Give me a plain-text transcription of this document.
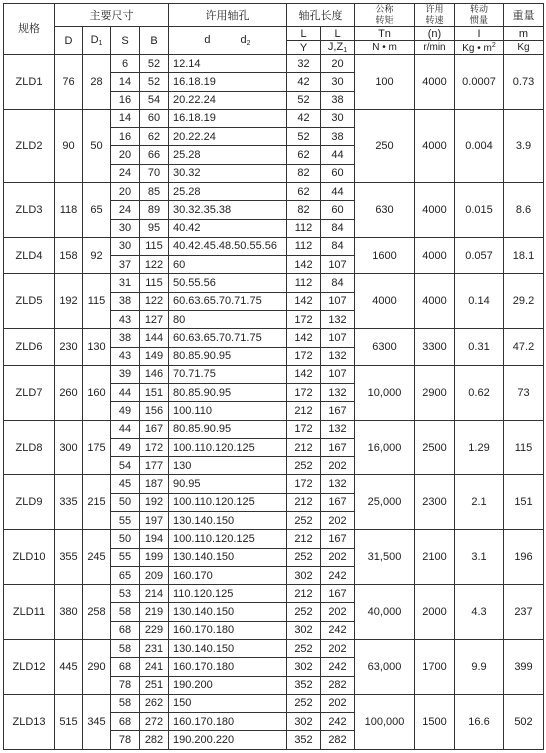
规格	主要尺寸				许用轴孔	轴孔长度		公称转矩	许用转速	转动惯量	重量
	D	$D_1$	S	B	d $d_2$	L	L	Tn	(n)	I	m
						Y	$J,Z_1$	N • m	r/min	Kg • $m^2$	Kg
ZLD1	76	28	6	52	12.14	32	20	100	4000	0.0007	0.73
			14	52	16.18.19	42	30				
			16	54	20.22.24	52	38				
ZLD2	90	50	14	60	16.18.19	42	30	250	4000	0.004	3.9
			16	62	20.22.24	52	38				
			20	66	25.28	62	44				
			24	70	30.32	82	60				
ZLD3	118	65	20	85	25.28	62	44	630	4000	0.015	8.6
			24	89	30.32.35.38	82	60				
			30	95	40.42	112	84				
ZLD4	158	92	30	115	40.42.45.48.50.55.56	112	84	1600	4000	0.057	18.1
			37	122	60	142	107				
ZLD5	192	115	31	115	50.55.56	112	84	4000	4000	0.14	29.2
			38	122	60.63.65.70.71.75	142	107				
			43	127	80	172	132				
ZLD6	230	130	38	144	60.63.65.70.71.75	142	107	6300	3300	0.31	47.2
			43	149	80.85.90.95	172	132				
ZLD7	260	160	39	146	70.71.75	142	107	10,000	2900	0.62	73
			44	151	80.85.90.95	172	132				
			49	156	100.110	212	167				
ZLD8	300	175	44	167	80.85.90.95	172	132	16,000	2500	1.29	115
			49	172	100.110.120.125	212	167				
			54	177	130	252	202				
ZLD9	335	215	45	187	90.95	172	132	25,000	2300	2.1	151
			50	192	100.110.120.125	212	167				
			55	197	130.140.150	252	202				
ZLD10	355	245	50	194	100.110.120.125	212	167	31,500	2100	3.1	196
			55	199	130.140.150	252	202				
			65	209	160.170	302	242				
ZLD11	380	258	53	214	110.120.125	212	167	40,000	2000	4.3	237
			58	219	130.140.150	252	202				
			68	229	160.170.180	302	242				
ZLD12	445	290	58	231	130.140.150	252	202	63,000	1700	9.9	399
			68	241	160.170.180	302	242				
			78	251	190.200	352	282				
ZLD13	515	345	58	262	150	252	202	100,000	1500	16.6	502
			68	272	160.170.180	302	242				
			78	282	190.200.220	352	282				
